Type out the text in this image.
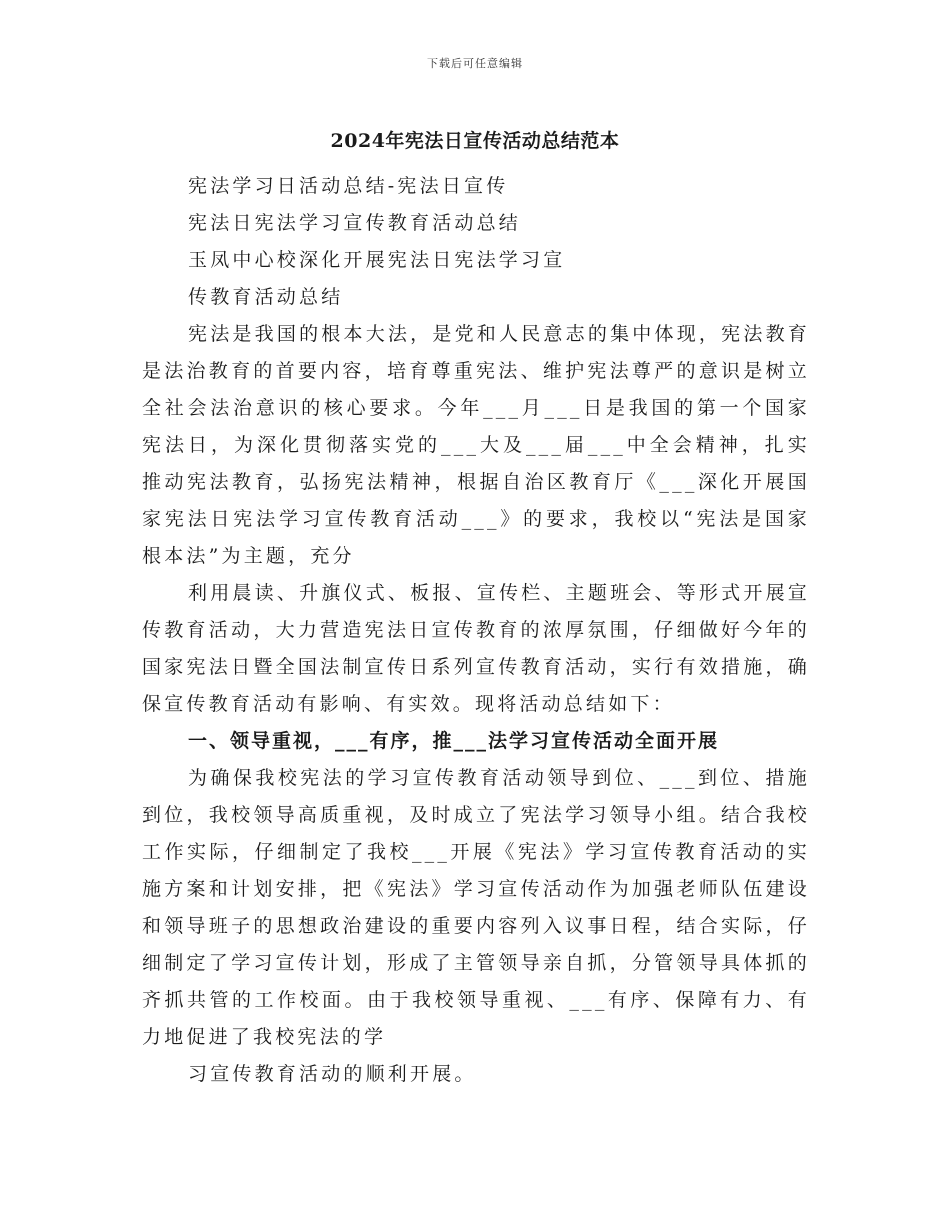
下载后可任意编辑
2024年宪法日宣传活动总结范本

宪法学习日活动总结-宪法日宣传

宪法日宪法学习宣传教育活动总结

玉凤中心校深化开展宪法日宪法学习宣

传教育活动总结

宪法是我国的根本大法，是党和人民意志的集中体现，宪法教育是法治教育的首要内容，培育尊重宪法、维护宪法尊严的意识是树立全社会法治意识的核心要求。今年___月___日是我国的第一个国家宪法日，为深化贯彻落实党的___大及___届___中全会精神，扎实推动宪法教育，弘扬宪法精神，根据自治区教育厅《___深化开展国家宪法日宪法学习宣传教育活动___》的要求，我校以“宪法是国家根本法”为主题，充分

利用晨读、升旗仪式、板报、宣传栏、主题班会、等形式开展宣传教育活动，大力营造宪法日宣传教育的浓厚氛围，仔细做好今年的国家宪法日暨全国法制宣传日系列宣传教育活动，实行有效措施，确保宣传教育活动有影响、有实效。现将活动总结如下：

一、领导重视，___有序，推___法学习宣传活动全面开展

为确保我校宪法的学习宣传教育活动领导到位、___到位、措施到位，我校领导高质重视，及时成立了宪法学习领导小组。结合我校工作实际，仔细制定了我校___开展《宪法》学习宣传教育活动的实施方案和计划安排，把《宪法》学习宣传活动作为加强老师队伍建设和领导班子的思想政治建设的重要内容列入议事日程，结合实际，仔细制定了学习宣传计划，形成了主管领导亲自抓，分管领导具体抓的齐抓共管的工作校面。由于我校领导重视、___有序、保障有力、有力地促进了我校宪法的学

习宣传教育活动的顺利开展。
